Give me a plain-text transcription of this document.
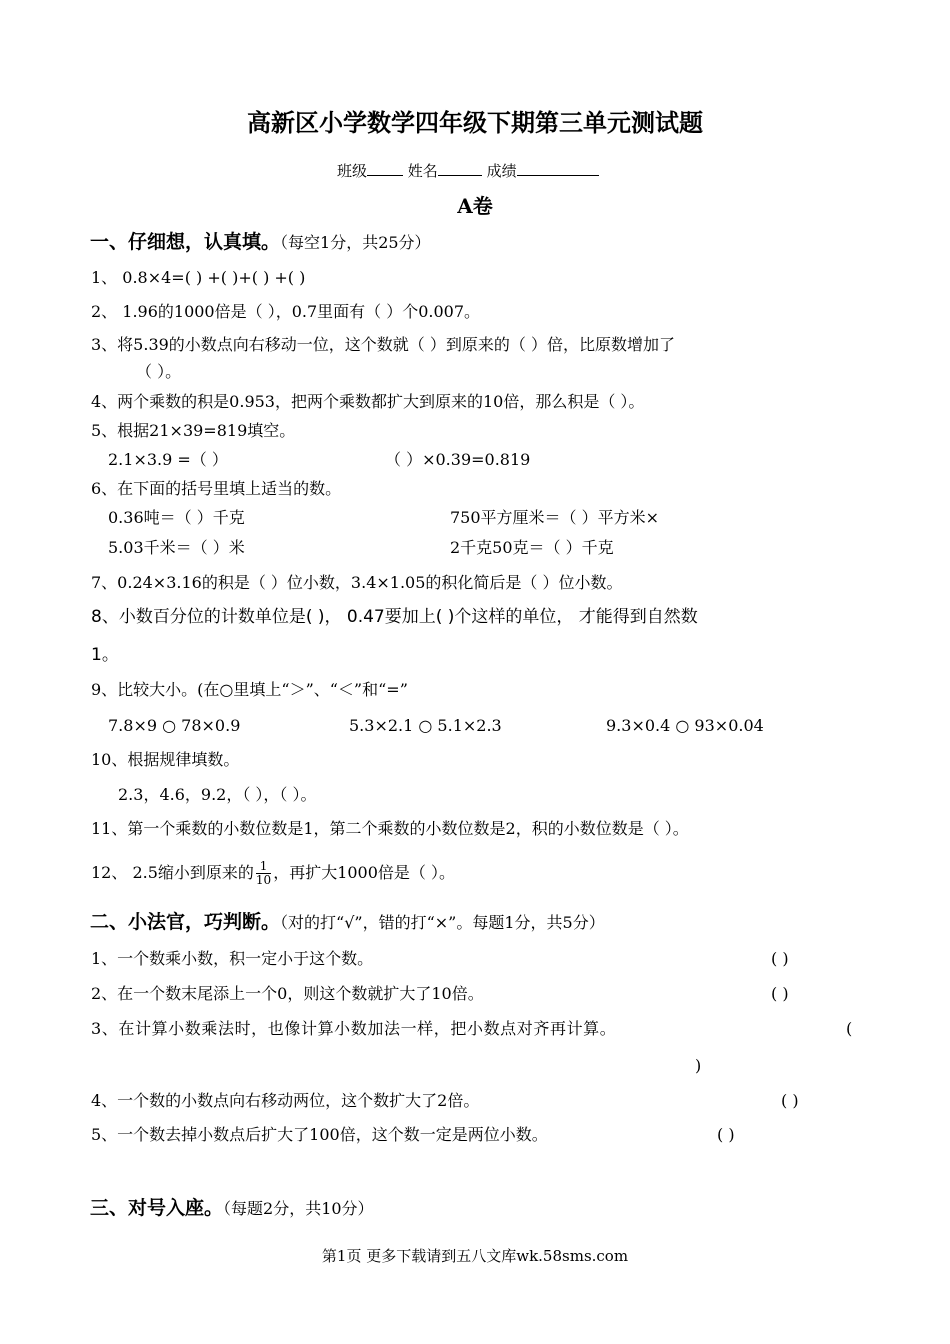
高新区小学数学四年级下期第三单元测试题
班级	姓名	成绩
A卷
一、仔细想，认真填。（每空1分，共25分）
1、 0.8×4=( ) +( )+( ) +( )
2、 1.96的1000倍是（ ），0.7里面有（ ）个0.007。
3、将5.39的小数点向右移动一位，这个数就（ ）到原来的（ ）倍，比原数增加了
（ ）。
4、两个乘数的积是0.953，把两个乘数都扩大到原来的10倍，那么积是（ ）。
5、根据21×39=819填空。
2.1×3.9 =（ ）	（ ）×0.39=0.819
6、在下面的括号里填上适当的数。
0.36吨＝（ ）千克	750平方厘米＝（ ）平方米×
5.03千米＝（ ）米	2千克50克＝（ ）千克
7、0.24×3.16的积是（ ）位小数，3.4×1.05的积化简后是（ ）位小数。
8、小数百分位的计数单位是( )， 0.47要加上( )个这样的单位， 才能得到自然数
1。
9、比较大小。(在○里填上“＞”、“＜”和“=”
7.8×9 ○ 78×0.9	5.3×2.1 ○ 5.1×2.3	9.3×0.4 ○ 93×0.04
10、根据规律填数。
2.3，4.6，9.2，（ ），（ ）。
11、第一个乘数的小数位数是1，第二个乘数的小数位数是2，积的小数位数是（ ）。
12、 2.5缩小到原来的 $\frac{1}{10}$ ，再扩大1000倍是（ ）。
二、小法官，巧判断。（对的打“√”，错的打“×”。每题1分，共5分）
1、一个数乘小数，积一定小于这个数。	( )
2、在一个数末尾添上一个0，则这个数就扩大了10倍。	( )
3、在计算小数乘法时，也像计算小数加法一样，把小数点对齐再计算。	(
)
4、一个数的小数点向右移动两位，这个数扩大了2倍。	( )
5、一个数去掉小数点后扩大了100倍，这个数一定是两位小数。	( )
三、对号入座。（每题2分，共10分）
第1页 更多下载请到五八文库wk.58sms.com
